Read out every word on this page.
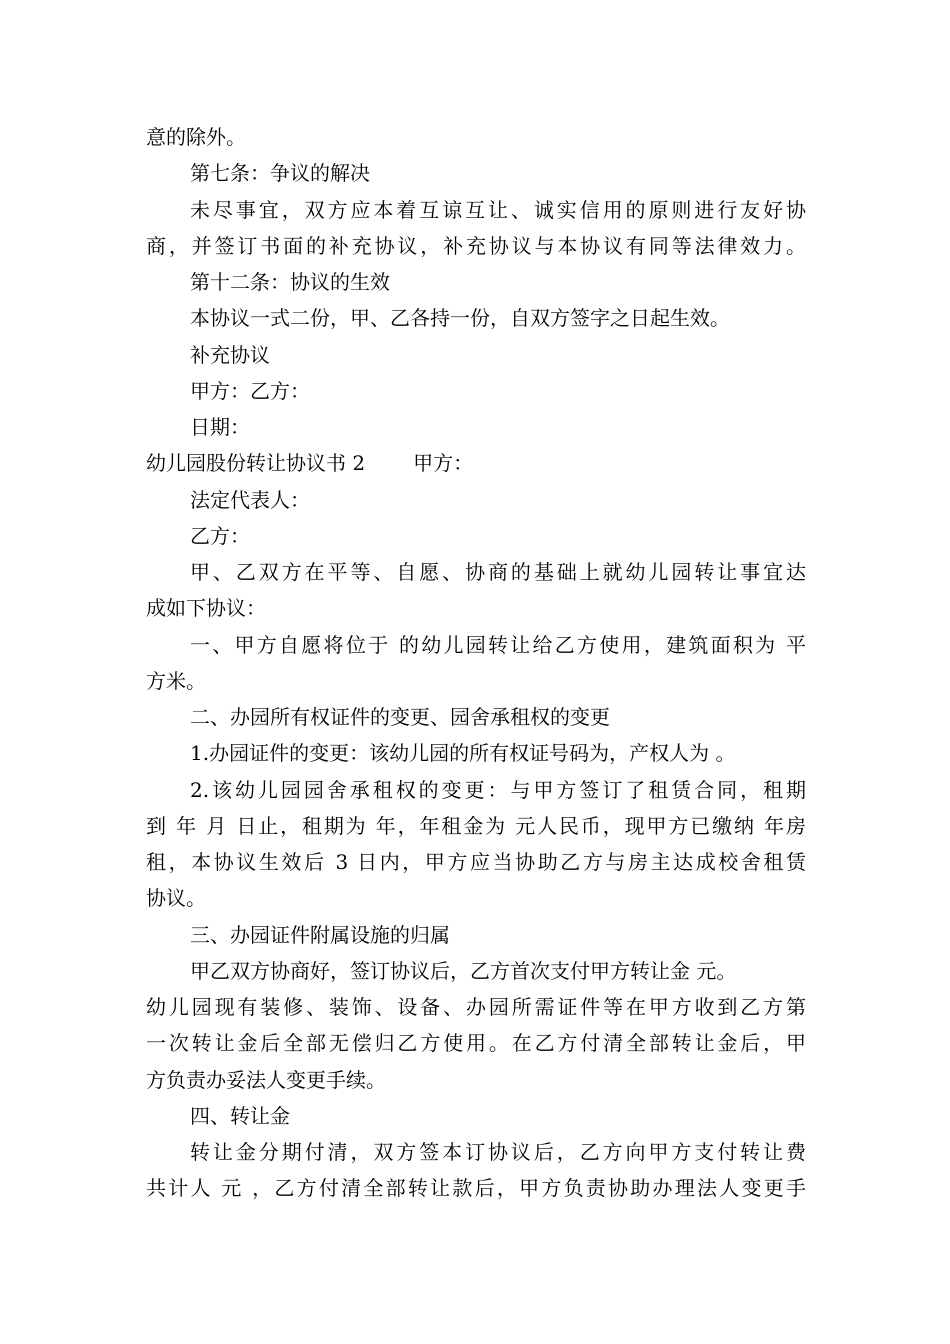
意的除外。
第七条：争议的解决
未尽事宜，双方应本着互谅互让、诚实信用的原则进行友好协
商，并签订书面的补充协议，补充协议与本协议有同等法律效力。
第十二条：协议的生效
本协议一式二份，甲、乙各持一份，自双方签字之日起生效。
补充协议
甲方：乙方：
日期：
幼儿园股份转让协议书 2 甲方：
法定代表人：
乙方：
甲、乙双方在平等、自愿、协商的基础上就幼儿园转让事宜达
成如下协议：
一、甲方自愿将位于 的幼儿园转让给乙方使用，建筑面积为 平
方米。
二、办园所有权证件的变更、园舍承租权的变更
1.办园证件的变更：该幼儿园的所有权证号码为，产权人为 。
2.该幼儿园园舍承租权的变更：与甲方签订了租赁合同，租期
到 年 月 日止，租期为 年，年租金为 元人民币，现甲方已缴纳 年房
租，本协议生效后 3 日内，甲方应当协助乙方与房主达成校舍租赁
协议。
三、办园证件附属设施的归属
甲乙双方协商好，签订协议后，乙方首次支付甲方转让金 元。
幼儿园现有装修、装饰、设备、办园所需证件等在甲方收到乙方第
一次转让金后全部无偿归乙方使用。在乙方付清全部转让金后，甲
方负责办妥法人变更手续。
四、转让金
转让金分期付清，双方签本订协议后，乙方向甲方支付转让费
共计人 元 ，乙方付清全部转让款后，甲方负责协助办理法人变更手
